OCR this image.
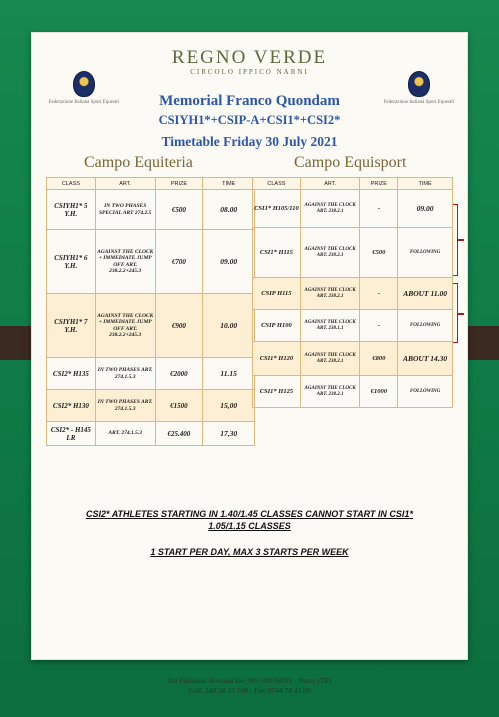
REGNO VERDE
CIRCOLO IPPICO NARNI
Federazione Italiana Sport Equestri	Federazione Italiana Sport Equestri
Memorial Franco Quondam
CSIYH1*+CSIP-A+CSI1*+CSI2*
Timetable Friday 30 July 2021
Campo Equiteria	Campo Equisport
CLASS	ART.	PRIZE	TIME
CSIYH1* 5 Y.H.	IN TWO PHASES SPECIAL ART 274.2.5	€500	08.00
CSIYH1* 6 Y.H.	AGAINST THE CLOCK + IMMEDIATE JUMP OFF ART. 238.2.2+245.3	€700	09.00
CSIYH1* 7 Y.H.	AGAINST THE CLOCK + IMMEDIATE JUMP OFF ART. 238.2.2+245.3	€900	10.00
CSI2* H135	IN TWO PHASES ART. 274.1.5.3	€2000	11.15
CSI2* H130	IN TWO PHASES ART. 274.1.5.3	€1500	15,00
CSI2* - H145 LR	ART. 274.1.5.3	€25.400	17,30
CLASS	ART.	PRIZE	TIME
CSI1* H105/110	AGAINST THE CLOCK ART. 238.2.1	-	09.00
CSI1* H115	AGAINST THE CLOCK ART. 238.2.1	€500	FOLLOWING
CSIP H115	AGAINST THE CLOCK ART. 238.2.1	-	ABOUT 11.00
CSIP H100	AGAINST THE CLOCK ART. 238.1.1	-	FOLLOWING
CSI1* H120	AGAINST THE CLOCK ART. 238.2.1	€800	ABOUT 14.30
CSI1* H125	AGAINST THE CLOCK ART. 238.2.1	€1000	FOLLOWING
CSI2* ATHLETES STARTING IN 1.40/1.45 CLASSES CANNOT START IN CSI1*
1.05/1.15 CLASSES
1 START PER DAY, MAX 3 STARTS PER WEEK
Via Flaminia Ternana km. 90+500 05035 - Narni (TR)
Cell. 348 24 12 198 - Fax 0744 74 41 00
